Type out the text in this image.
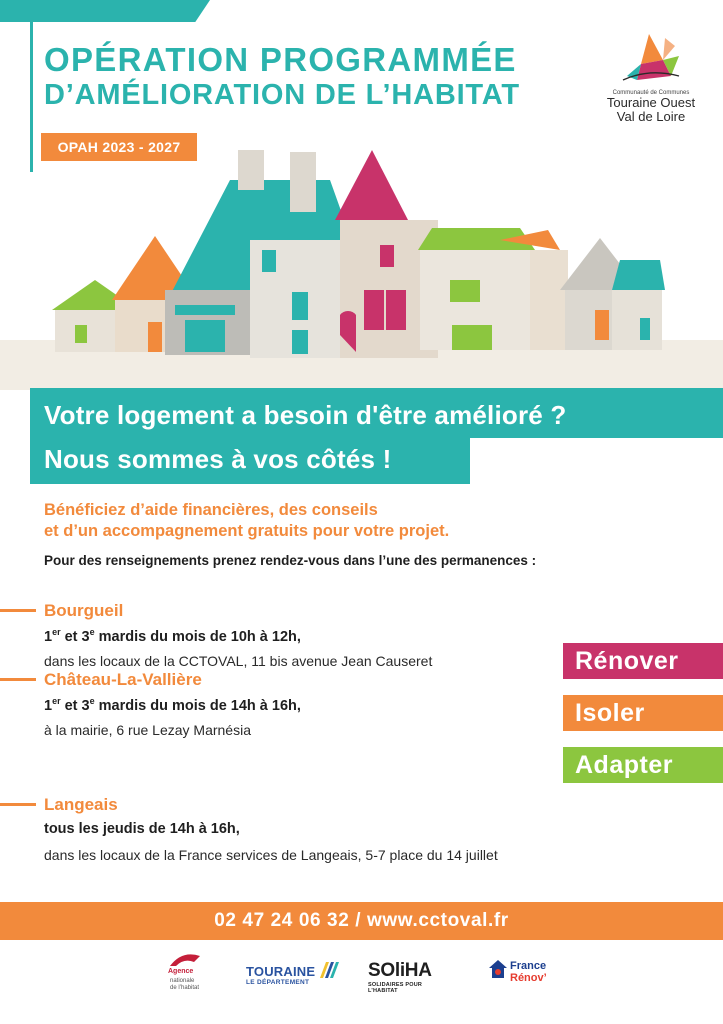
OPÉRATION PROGRAMMÉE
D’AMÉLIORATION DE L’HABITAT
OPAH 2023 - 2027
Communauté de Communes
Touraine Ouest
Val de Loire
Votre logement a besoin d'être amélioré ?
Nous sommes à vos côtés !
Bénéficiez d’aide financières, des conseils
et d’un accompagnement gratuits pour votre projet.
Pour des renseignements prenez rendez-vous dans l’une des permanences :
Bourgueil
1er et 3e mardis du mois de 10h à 12h,
dans les locaux de la CCTOVAL, 11 bis avenue Jean Causeret
Château-La-Vallière
1er et 3e mardis du mois de 14h à 16h,
à la mairie, 6 rue Lezay Marnésia
Langeais
tous les jeudis de 14h à 16h,
dans les locaux de la France services de Langeais, 5-7 place du 14 juillet
Rénover
Isoler
Adapter
02 47 24 06 32 / www.cctoval.fr
Agence
nationale
de l’habitat
TOURAINE
LE DÉPARTEMENT
SOliHA
SOLIDAIRES POUR L’HABITAT
France
Rénov’
